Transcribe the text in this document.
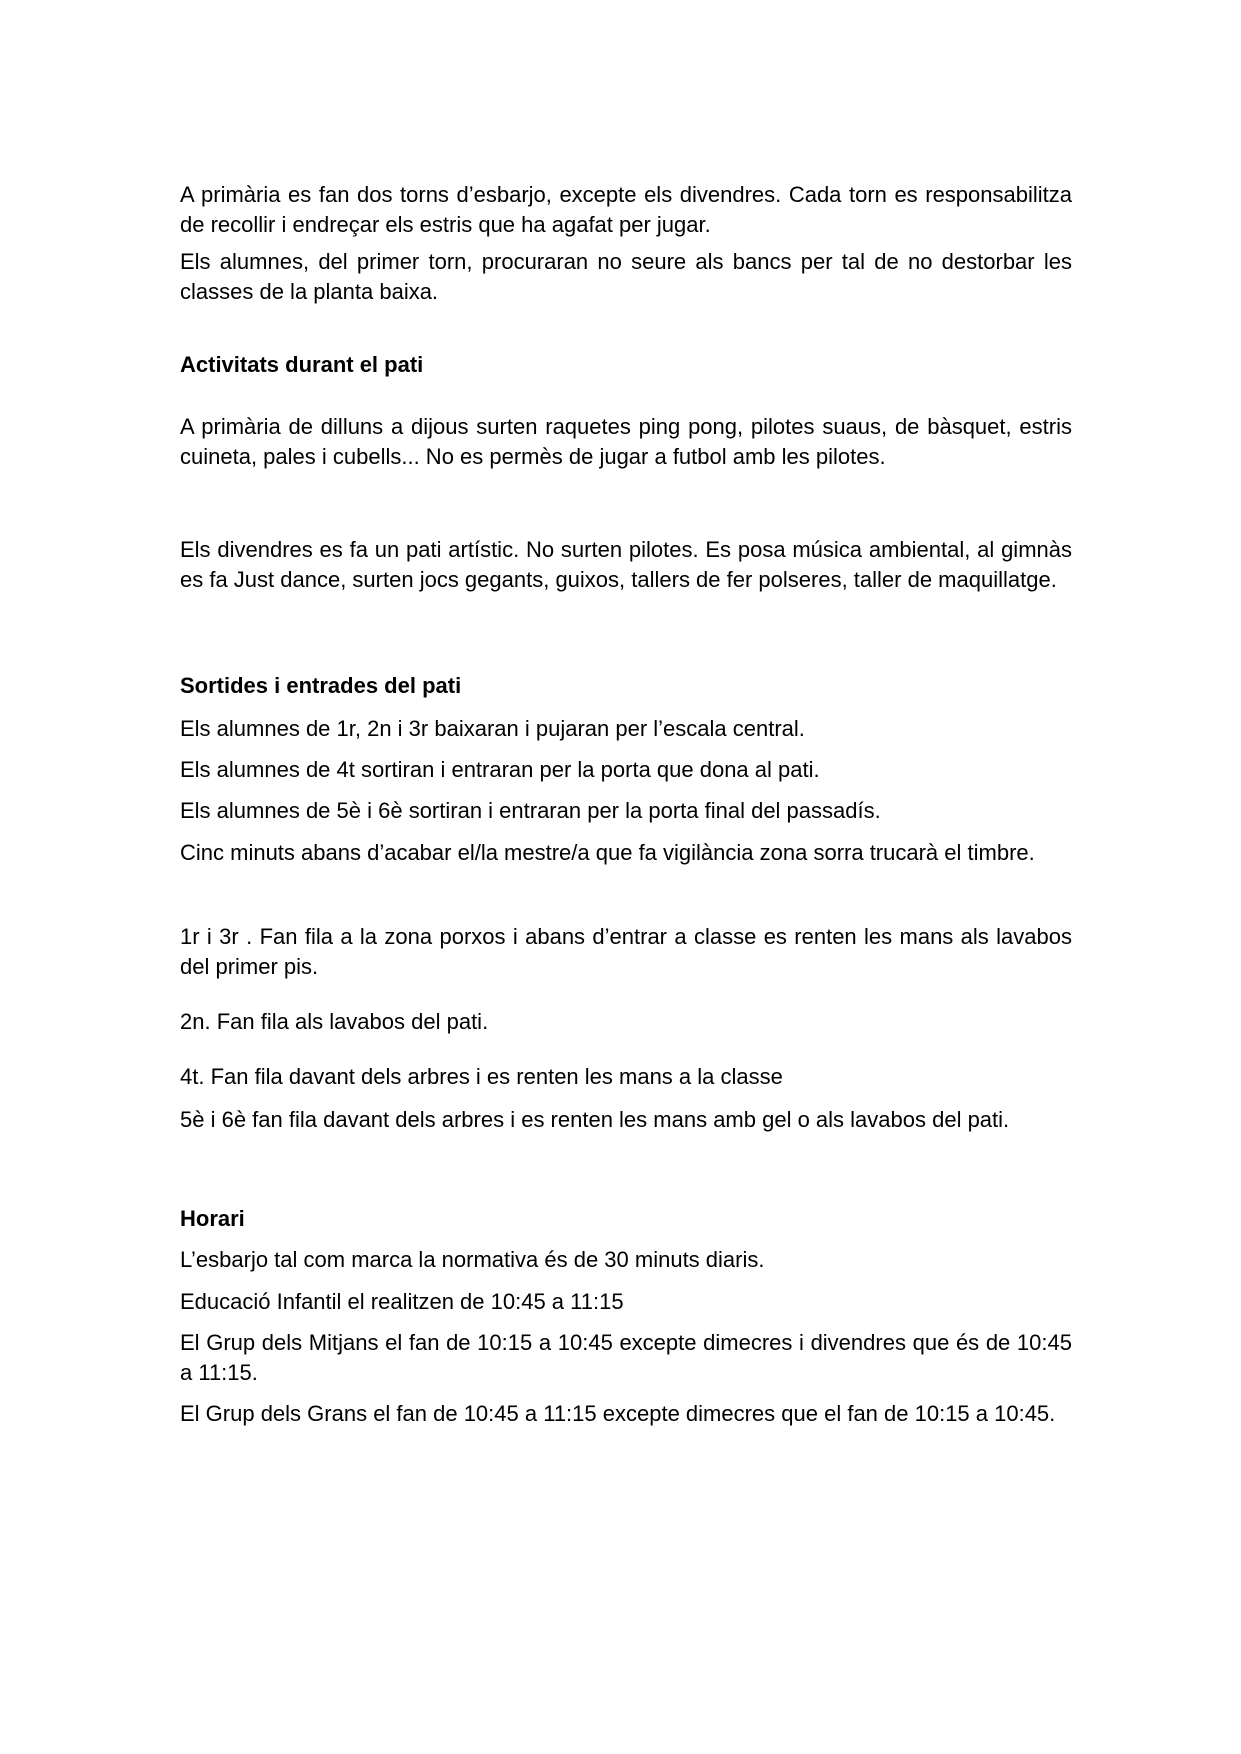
A primària es fan dos torns d’esbarjo, excepte els divendres. Cada torn es responsabilitza de recollir i endreçar els estris que ha agafat per jugar.

Els alumnes, del primer torn, procuraran no seure als bancs per tal de no destorbar les classes de la planta baixa.

Activitats durant el pati

A primària de dilluns a dijous surten raquetes ping pong, pilotes suaus, de bàsquet, estris cuineta, pales i cubells... No es permès de jugar a futbol amb les pilotes.

Els divendres es fa un pati artístic. No surten pilotes. Es posa música ambiental, al gimnàs es fa Just dance, surten jocs gegants, guixos, tallers de fer polseres, taller de maquillatge.

Sortides i entrades del pati

Els alumnes de 1r, 2n i 3r baixaran i pujaran per l’escala central.

Els alumnes de 4t sortiran i entraran per la porta que dona al pati.

Els alumnes de 5è i 6è sortiran i entraran per la porta final del passadís.

Cinc minuts abans d’acabar el/la mestre/a que fa vigilància zona sorra trucarà el timbre.

1r i 3r . Fan fila a la zona porxos i abans d’entrar a classe es renten les mans als lavabos del primer pis.

2n. Fan fila als lavabos del pati.

4t. Fan fila davant dels arbres i es renten les mans a la classe

5è i 6è fan fila davant dels arbres i es renten les mans amb gel o als lavabos del pati.

Horari

L’esbarjo tal com marca la normativa és de 30 minuts diaris.

Educació Infantil el realitzen de 10:45 a 11:15

El Grup dels Mitjans el fan de 10:15 a 10:45 excepte dimecres i divendres que és de 10:45 a 11:15.

El Grup dels Grans el fan de 10:45 a 11:15 excepte dimecres que el fan de 10:15 a 10:45.
